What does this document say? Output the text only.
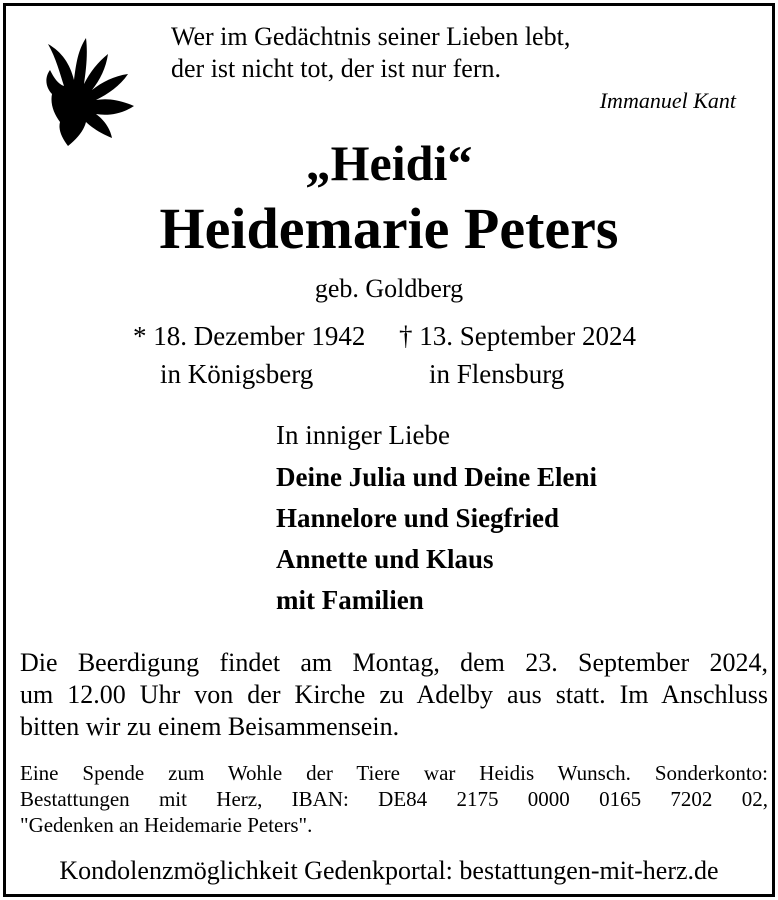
Wer im Gedächtnis seiner Lieben lebt,
der ist nicht tot, der ist nur fern.
Immanuel Kant
„Heidi“
Heidemarie Peters
geb. Goldberg
* 18. Dezember 1942
in Königsberg
† 13. September 2024
in Flensburg
In inniger Liebe
Deine Julia und Deine Eleni
Hannelore und Siegfried
Annette und Klaus
mit Familien
Die Beerdigung findet am Montag, dem 23. September 2024,
um 12.00 Uhr von der Kirche zu Adelby aus statt. Im Anschluss
bitten wir zu einem Beisammensein.
Eine Spende zum Wohle der Tiere war Heidis Wunsch. Sonderkonto:
Bestattungen mit Herz, IBAN: DE84 2175 0000 0165 7202 02,
"Gedenken an Heidemarie Peters".
Kondolenzmöglichkeit Gedenkportal: bestattungen-mit-herz.de
